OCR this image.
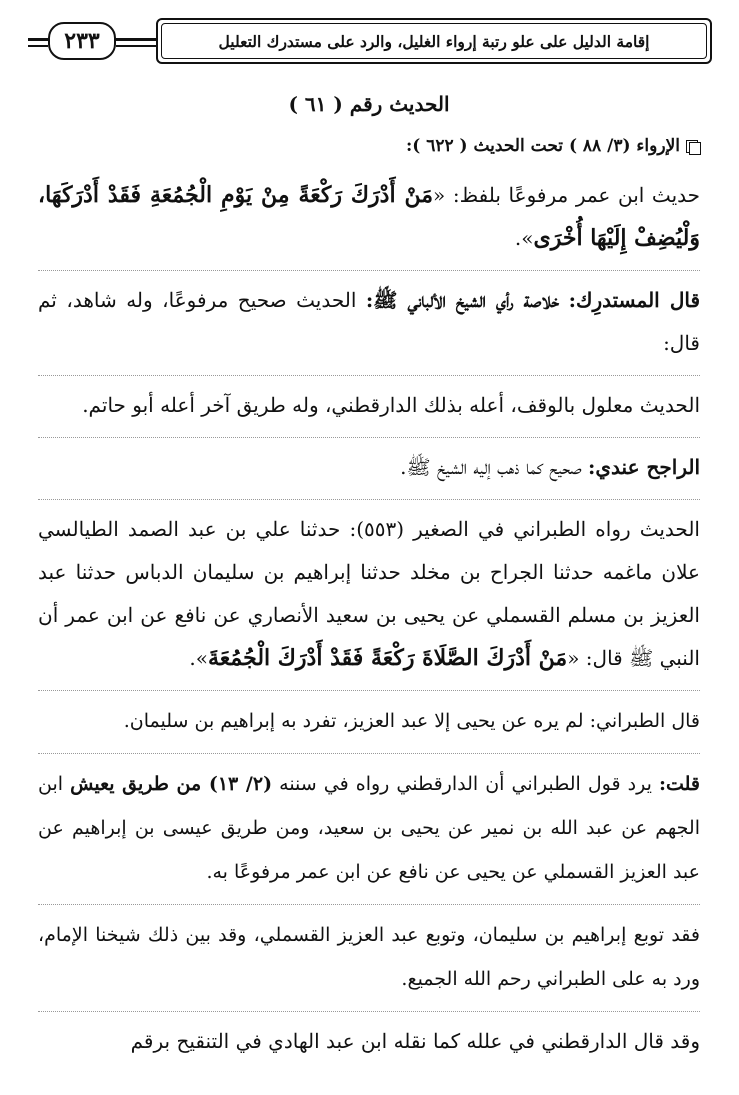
٢٣٣	إقامة الدليل على علو رتبة إرواء الغليل، والرد على مستدرك التعليل
الحديث رقم ( ٦١ )
الإرواء (٣/ ٨٨ ) تحت الحديث ( ٦٢٢ ):

حديث ابن عمر مرفوعًا بلفظ: «مَنْ أَدْرَكَ رَكْعَةً مِنْ يَوْمِ الْجُمُعَةِ فَقَدْ أَدْرَكَهَا، وَلْيُضِفْ إِلَيْهَا أُخْرَى».

قال المستدرِك: خلاصة رأي الشيخ الألباني ﷺ: الحديث صحيح مرفوعًا، وله شاهد، ثم قال:

الحديث معلول بالوقف، أعله بذلك الدارقطني، وله طريق آخر أعله أبو حاتم.

الراجح عندي: صحيح كما ذهب إليه الشيخ ﷺ.

الحديث رواه الطبراني في الصغير (٥٥٣): حدثنا علي بن عبد الصمد الطيالسي علان ماغمه حدثنا الجراح بن مخلد حدثنا إبراهيم بن سليمان الدباس حدثنا عبد العزيز بن مسلم القسملي عن يحيى بن سعيد الأنصاري عن نافع عن ابن عمر أن النبي ﷺ قال: «مَنْ أَدْرَكَ الصَّلَاةَ رَكْعَةً فَقَدْ أَدْرَكَ الْجُمُعَةَ».

قال الطبراني: لم يره عن يحيى إلا عبد العزيز، تفرد به إبراهيم بن سليمان.

قلت: يرد قول الطبراني أن الدارقطني رواه في سننه (٢/ ١٣) من طريق يعيش ابن الجهم عن عبد الله بن نمير عن يحيى بن سعيد، ومن طريق عيسى بن إبراهيم عن عبد العزيز القسملي عن يحيى عن نافع عن ابن عمر مرفوعًا به.

فقد توبع إبراهيم بن سليمان، وتوبع عبد العزيز القسملي، وقد بين ذلك شيخنا الإمام، ورد به على الطبراني رحم الله الجميع.

وقد قال الدارقطني في علله كما نقله ابن عبد الهادي في التنقيح برقم
